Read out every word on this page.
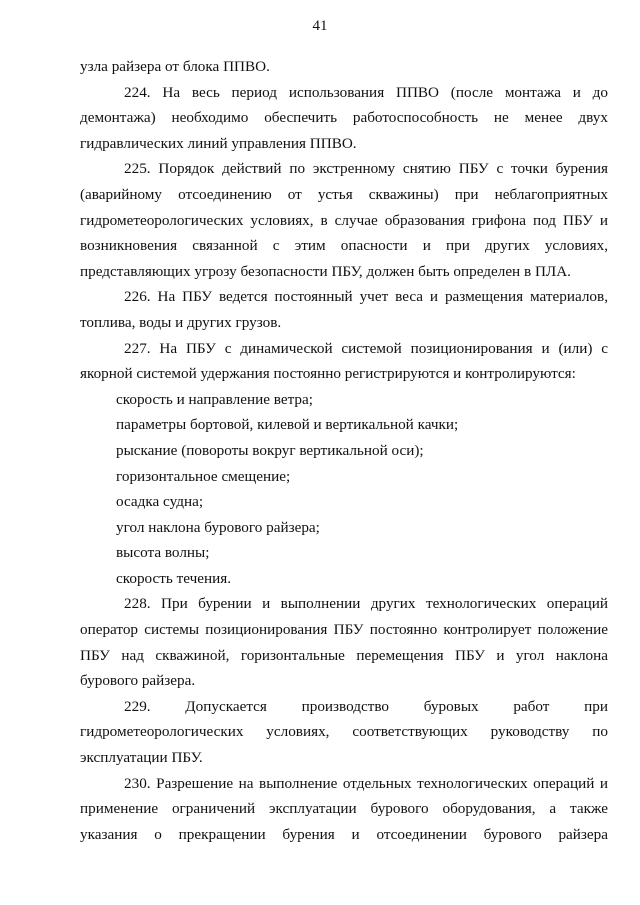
41

узла райзера от блока ППВО.

224. На весь период использования ППВО (после монтажа и до демонтажа) необходимо обеспечить работоспособность не менее двух гидравлических линий управления ППВО.

225. Порядок действий по экстренному снятию ПБУ с точки бурения (аварийному отсоединению от устья скважины) при неблагоприятных гидрометеорологических условиях, в случае образования грифона под ПБУ и возникновения связанной с этим опасности и при других условиях, представляющих угрозу безопасности ПБУ, должен быть определен в ПЛА.

226. На ПБУ ведется постоянный учет веса и размещения материалов, топлива, воды и других грузов.

227. На ПБУ с динамической системой позиционирования и (или) с якорной системой удержания постоянно регистрируются и контролируются:

скорость и направление ветра;

параметры бортовой, килевой и вертикальной качки;

рыскание (повороты вокруг вертикальной оси);

горизонтальное смещение;

осадка судна;

угол наклона бурового райзера;

высота волны;

скорость течения.

228. При бурении и выполнении других технологических операций оператор системы позиционирования ПБУ постоянно контролирует положение ПБУ над скважиной, горизонтальные перемещения ПБУ и угол наклона бурового райзера.

229. Допускается производство буровых работ при гидрометеорологических условиях, соответствующих руководству по эксплуатации ПБУ.

230. Разрешение на выполнение отдельных технологических операций и применение ограничений эксплуатации бурового оборудования, а также указания о прекращении бурения и отсоединении бурового райзера
